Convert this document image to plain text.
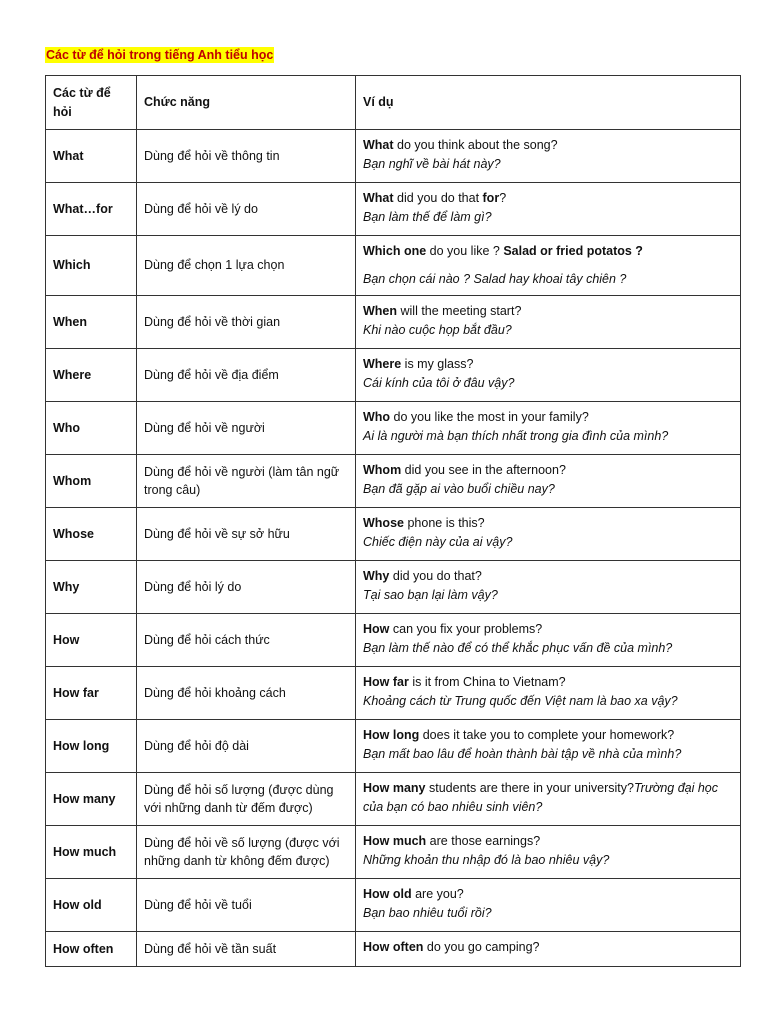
Các từ để hỏi trong tiếng Anh tiểu học
Các từ để hỏi	Chức năng	Ví dụ
What	Dùng để hỏi về thông tin	What do you think about the song?
Bạn nghĩ về bài hát này?

What…for	Dùng để hỏi về lý do	What did you do that for?
Bạn làm thế để làm gì?

Which	Dùng để chọn 1 lựa chọn	Which one do you like ? Salad or fried potatos ?
Bạn chọn cái nào ? Salad hay khoai tây chiên ?

When	Dùng để hỏi về thời gian	When will the meeting start?
Khi nào cuộc họp bắt đầu?

Where	Dùng để hỏi về địa điểm	Where is my glass?
Cái kính của tôi ở đâu vậy?

Who	Dùng để hỏi về người	Who do you like the most in your family?
Ai là người mà bạn thích nhất trong gia đình của mình?

Whom	Dùng để hỏi về người (làm tân ngữ trong câu)	Whom did you see in the afternoon?
Bạn đã gặp ai vào buổi chiều nay?

Whose	Dùng để hỏi về sự sở hữu	Whose phone is this?
Chiếc điện này của ai vậy?

Why	Dùng để hỏi lý do	Why did you do that?
Tại sao bạn lại làm vậy?

How	Dùng để hỏi cách thức	How can you fix your problems?
Bạn làm thế nào để có thể khắc phục vấn đề của mình?

How far	Dùng để hỏi khoảng cách	How far is it from China to Vietnam?
Khoảng cách từ Trung quốc đến Việt nam là bao xa vậy?

How long	Dùng để hỏi độ dài	How long does it take you to complete your homework?
Bạn mất bao lâu để hoàn thành bài tập về nhà của mình?

How many	Dùng để hỏi số lượng (được dùng với những danh từ đếm được)	How many students are there in your university?Trường đại học của bạn có bao nhiêu sinh viên?
How much	Dùng để hỏi về số lượng (được với những danh từ không đếm được)	How much are those earnings?
Những khoản thu nhập đó là bao nhiêu vậy?

How old	Dùng để hỏi về tuổi	How old are you?
Bạn bao nhiêu tuổi rồi?

How often	Dùng để hỏi về tần suất	How often do you go camping?
